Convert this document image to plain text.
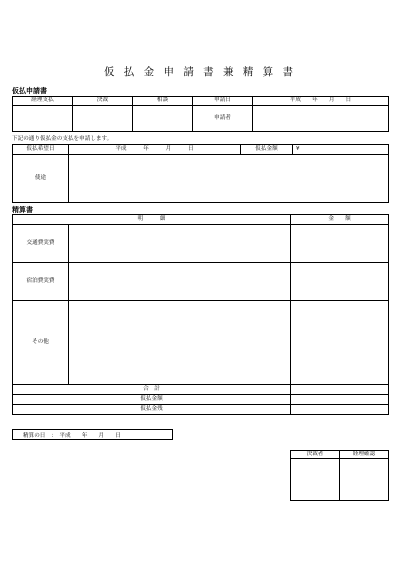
仮 払 金 申 請 書 兼 精 算 書
仮払申請書
経理支払	決裁	相談	申請日	平成　　年　　月　　日
			申請者	
下記の通り仮払金の支払を申請します。
仮払希望日	平成　　　年　　　月　　　日	仮払金額	¥
使途			
精算書
明　　　細		金　　額
交通費実費		
宿泊費実費		
その他		
合　計		
仮払金額		
仮払金残		
精算の日　：　平成　　年　　月　　日
決裁者	経理確認
